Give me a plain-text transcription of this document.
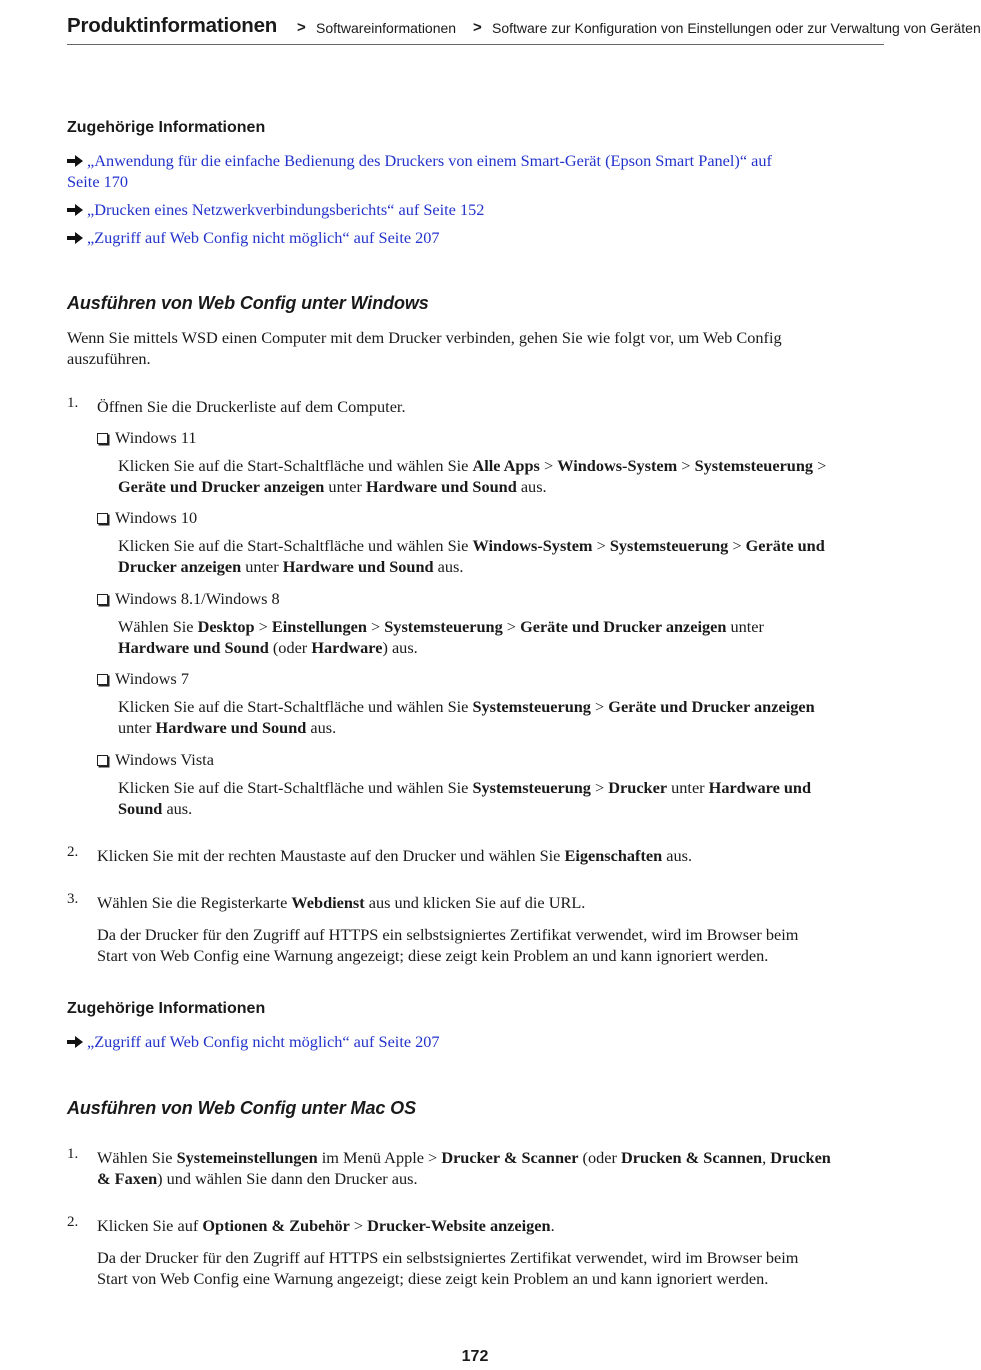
Produktinformationen > Softwareinformationen > Software zur Konfiguration von Einstellungen oder zur Verwaltung von Geräten
Zugehörige Informationen
„Anwendung für die einfache Bedienung des Druckers von einem Smart-Gerät (Epson Smart Panel)“ auf
Seite 170
„Drucken eines Netzwerkverbindungsberichts“ auf Seite 152
„Zugriff auf Web Config nicht möglich“ auf Seite 207
Ausführen von Web Config unter Windows
Wenn Sie mittels WSD einen Computer mit dem Drucker verbinden, gehen Sie wie folgt vor, um Web Config
auszuführen.
1. Öffnen Sie die Druckerliste auf dem Computer.
Windows 11
Klicken Sie auf die Start-Schaltfläche und wählen Sie Alle Apps > Windows-System > Systemsteuerung >
Geräte und Drucker anzeigen unter Hardware und Sound aus.
Windows 10
Klicken Sie auf die Start-Schaltfläche und wählen Sie Windows-System > Systemsteuerung > Geräte und
Drucker anzeigen unter Hardware und Sound aus.
Windows 8.1/Windows 8
Wählen Sie Desktop > Einstellungen > Systemsteuerung > Geräte und Drucker anzeigen unter
Hardware und Sound (oder Hardware) aus.
Windows 7
Klicken Sie auf die Start-Schaltfläche und wählen Sie Systemsteuerung > Geräte und Drucker anzeigen
unter Hardware und Sound aus.
Windows Vista
Klicken Sie auf die Start-Schaltfläche und wählen Sie Systemsteuerung > Drucker unter Hardware und
Sound aus.
2. Klicken Sie mit der rechten Maustaste auf den Drucker und wählen Sie Eigenschaften aus.
3. Wählen Sie die Registerkarte Webdienst aus und klicken Sie auf die URL.
Da der Drucker für den Zugriff auf HTTPS ein selbstsigniertes Zertifikat verwendet, wird im Browser beim
Start von Web Config eine Warnung angezeigt; diese zeigt kein Problem an und kann ignoriert werden.
Zugehörige Informationen
„Zugriff auf Web Config nicht möglich“ auf Seite 207
Ausführen von Web Config unter Mac OS
1. Wählen Sie Systemeinstellungen im Menü Apple > Drucker & Scanner (oder Drucken & Scannen, Drucken
& Faxen) und wählen Sie dann den Drucker aus.
2. Klicken Sie auf Optionen & Zubehör > Drucker-Website anzeigen.
Da der Drucker für den Zugriff auf HTTPS ein selbstsigniertes Zertifikat verwendet, wird im Browser beim
Start von Web Config eine Warnung angezeigt; diese zeigt kein Problem an und kann ignoriert werden.
172
